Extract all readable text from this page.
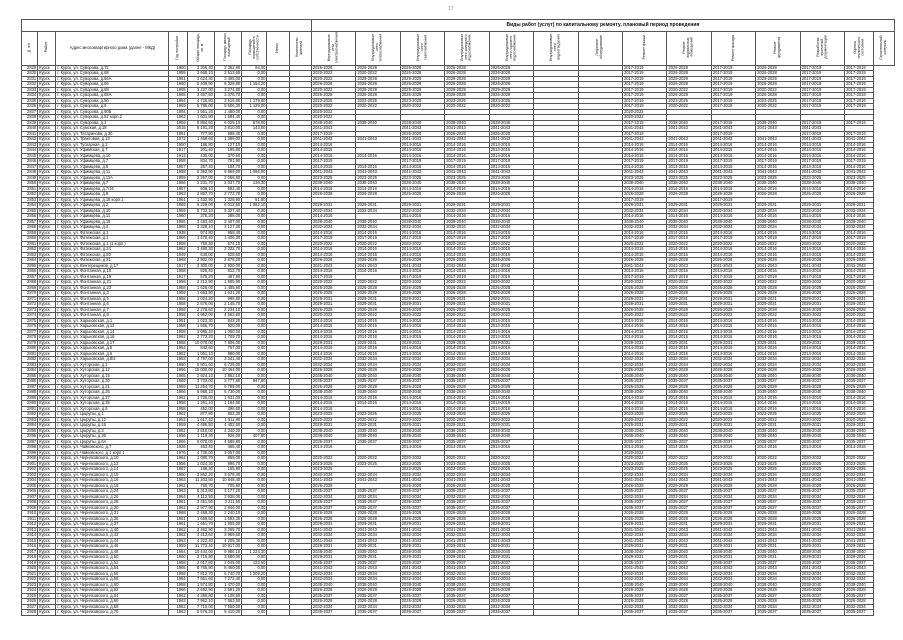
17
									Виды работ (услуг) по капитальному ремонту, плановый период проведения													
№ п/п	Район	Адрес многоквартирного дома (далее - МКД)	Год постройки	Общая площадь, кв. м	Площадь жилых помещений	Площадь помещений в собственности	Износ	Количество жителей	Внутридомовые сети электроснабжения	Внутридомовые сети теплоснабжения	Внутридомовые сети газоснабжения	Внутридомовые сети холодного водоснабжения	Внутридомовые сети горячего водоснабжения	Внутридомовые сети водоотведения	Лифтовое оборудование	Ремонт крыши	Ремонт подвальных помещений	Ремонт фасада	Ремонт фундамента	Разработка проектной документации	Оценка технического состояния	Строительный контроль
2829	Курск	г. Курск, ул. Суворова, д.72	1960	3 306,40	2 362,80	94,00			2026-2028	2026-2028	2026-2028	2026-2028	2026-2028			2017-2019	2026-2028	2017-2019	2026-2028	2017-2019	2017-2019	
2830	Курск	г. Курск, ул. Суворова, д.68	1955	3 668,10	3 513,60	0,00			2020-2022	2020-2022	2026-2028	2026-2028	2026-2028			2017-2019	2026-2028	2017-2019	2026-2028	2017-2019	2017-2019	
2831	Курск	г. Курск, ул. Суворова, д.66А	1961	3 624,30	3 495,00	0,00			2020-2022	2029-2029	2029-2029	2029-2029	2029-2029			2017-2019	2029-2029	2017-2019	2029-2029	2017-2019	2017-2019	
2832	Курск	г. Курск, ул. Суворова, д.66	1960	5 409,90	5 328,80	1 154,20			2026-2028	2026-2028	2026-2028	2026-2028	2026-2028			2017-2019	2026-2028	2017-2019	2026-2028	2017-2019	2017-2019	
2833	Курск	г. Курск, ул. Суворова, д.68	1965	3 427,00	3 274,80	0,00			2020-2022	2029-2029	2029-2029	2029-2029	2029-2029			2017-2019	2020-2022	2017-2019	2020-2022	2017-2019	2017-2019	
2834	Курск	г. Курск, ул. Суворова, д.68А	1965	3 457,50	3 376,70	0,00			2026-2028	2026-2028	2026-2028	2026-2028	2026-2028			2017-2019	2026-2028	2017-2019	2026-2028	2017-2019	2017-2019	
2835	Курск	г. Курск, ул. Суворова, д.50	1964	4 726,80	3 516,80	1 179,80			2023-2025	2023-2025	2023-2025	2023-2025	2023-2025			2017-2019	2023-2025	2017-2019	2023-2025	2017-2019	2017-2019	
2836	Курск	г. Курск, ул. Суворова, д.9	1969	5 785,00	5 506,30	1 129,00			2020-2022	2020-2022	2020-2022	2020-2022	2020-2022			2017-2019	2020-2022	2017-2019	2020-2022	2017-2019	2017-2019	
2837	Курск	г. Курск, ул. Суворова, д.90Б	1964	1 561,20	1 480,00	0,00			2020-2022							2020-2022						
2838	Курск	г. Курск, ул. Суворова, д.52 корп.2	1963	1 601,80	1 584,40	0,00			2020-2022							2020-2022						
2839	Курск	г. Курск, ул. Суворова, д.2	1959	8 884,60	6 025,10	678,00			2038-2040	2038-2040	2038-2040	2038-2040	2038-2040			2017-2019	2038-2040	2017-2019	2038-2040	2017-2019	2017-2019	
2840	Курск	г. Курск, ул. Сумская, д.18	2015	6 191,20	3 810,00	143,00			2041-2043		2041-2043	2041-2043	2041-2043			2041-2043	2041-2043	2041-2043	2041-2043	2041-2043		
2841	Курск	г. Курск, ул. Татаринова, д.30	1961	777,90	698,40	0,00			2017-2019		2026-2028	2026-2028	2026-2028			2017-2019		2017-2019		2017-2019	2017-2019	
2842	Курск	г. Курск, ул. Трактовая, д.13	1972	1 468,60	1 389,00	0,00			2041-2043	2041-2043	2041-2043	2041-2043	2041-2043			2041-2043	2041-2043	2041-2043	2041-2043	2041-2043	2041-2043	
2843	Курск	г. Курск, ул. Тускарная, д.2	1950	186,80	127,10	0,00			2014-2016		2014-2016	2014-2016	2014-2016			2014-2016	2014-2016	2014-2016	2014-2016	2014-2016	2014-2016	
2844	Курск	г. Курск, ул. Уфимская, д.7	1917	201,40	185,80	0,00			2014-2016		2014-2016	2014-2016	2014-2016			2014-2016	2014-2016	2014-2016	2014-2016	2014-2016	2014-2016	
2845	Курск	г. Курск, ул. Уфимцева, д.10	1913	430,00	370,60	0,00			2014-2016	2014-2016	2014-2016	2014-2016	2014-2016			2014-2016	2014-2016	2014-2016	2014-2016	2014-2016	2014-2016	
2846	Курск	г. Курск, ул. Уфимцева, д.7	1958	834,70	791,90	0,00			2017-2019		2017-2019	2017-2019	2017-2019			2017-2019	2017-2019	2017-2019	2017-2019	2017-2019	2017-2019	
2847	Курск	г. Курск, ул. Уфимцева, д.8	1957	257,40	184,70	0,00			2014-2016	2014-2016	2014-2016	2014-2016	2014-2016			2014-2016	2014-2016	2014-2016	2014-2016	2014-2016	2014-2016	
2848	Курск	г. Курск, ул. Уфимцева, д.11	1958	6 362,90	5 869,00	1 066,00			2041-2043	2041-2043	2041-2043	2041-2043	2041-2043			2041-2043	2041-2043	2041-2043	2041-2043	2041-2043	2041-2043	
2849	Курск	г. Курск, ул. Уфимцева, д.11А	1959	2 267,00	2 066,80	0,00			2023-2025	2023-2025	2023-2025	2023-2025	2023-2025			2023-2025	2023-2025	2023-2025	2023-2025	2023-2025	2023-2025	
2850	Курск	г. Курск, ул. Уфимцева, д.7	1956	2 231,70	2 037,70	136,30			2038-2040	2038-2040	2038-2040	2038-2040	2038-2040			2038-2040	2038-2040	2038-2040	2038-2040	2038-2040	2038-2040	
2851	Курск	г. Курск, ул. Уфимцева, д.7/16	1957	608,10	592,40	0,00			2014-2016	2014-2016	2014-2016	2014-2016	2014-2016			2014-2016	2014-2016	2014-2016	2014-2016	2014-2016	2014-2016	
2852	Курск	г. Курск, ул. Уфимцева, д.9	1963	2 867,70	2 772,70	0,00			2026-2028	2026-2028	2026-2028	2026-2028	2026-2028			2026-2028	2026-2028	2026-2028	2026-2028	2026-2028	2026-2028	
2853	Курск	г. Курск, ул. Уфимцева, д.18 корп.1	1961	1 432,90	1 328,90	51,80										2017-2019		2017-2019				
2854	Курск	г. Курск, ул. Уфимцева, д.2	1969	6 229,00	6 012,60	1 062,10			2029-2031	2029-2031	2029-2031	2029-2031	2029-2031			2029-2031	2029-2031	2029-2031	2029-2031	2029-2031	2029-2031	
2855	Курск	г. Курск, ул. Уфимцева, д.10	1969	5 733,10	5 327,40	0,00			2032-2034	2032-2034	2032-2034	2032-2034	2032-2034			2032-2034	2032-2034	2032-2034	2032-2034	2032-2034	2032-2034	
2856	Курск	г. Курск, ул. Уфимцева, д.11	1960	375,20	288,00	0,00			2014-2016		2014-2016	2014-2016	2014-2016			2014-2016	2014-2016	2014-2016	2014-2016	2014-2016	2014-2016	
2857	Курск	г. Курск, ул. Уфимцева, д.18	1965	3 483,40	3 407,00	0,00			2038-2040	2038-2040	2038-2040	2038-2040	2038-2040			2038-2040	2038-2040	2038-2040	2038-2040	2038-2040	2038-2040	
2858	Курск	г. Курск, ул. Уфимцева, д.4	1968	3 328,10	3 127,30	0,00			2032-2034	2032-2034	2032-2034	2032-2034	2032-2034			2032-2034	2032-2034	2032-2034	2032-2034	2032-2034	2032-2034	
2859	Курск	г. Курск, ул. Фатежская, д.1	1938	974,80	958,40	0,00			2014-2016	2014-2016	2014-2016	2014-2016	2014-2016			2014-2016	2014-2016	2014-2016	2014-2016	2014-2016	2014-2016	
2860	Курск	г. Курск, ул. Фатежская, д.1	1966	1 470,40	1 406,30	0,00			2017-2019	2017-2019	2017-2019	2017-2019	2017-2019			2017-2019	2017-2019	2017-2019	2017-2019	2017-2019	2017-2019	
2861	Курск	г. Курск, ул. Фатежская, д.1 (1 корп.)	1958	750,30	674,10	0,00			2020-2022	2020-2022	2020-2022	2020-2022	2020-2022			2020-2022	2020-2022	2020-2022	2020-2022	2020-2022	2020-2022	
2862	Курск	г. Курск, ул. Фатежская, д.24	1962	3 480,30	3 332,70	0,00			2014-2016	2014-2016	2014-2016	2014-2016	2014-2016			2014-2016	2014-2016	2014-2016	2014-2016	2014-2016	2014-2016	
2863	Курск	г. Курск, ул. Фатежская, д.80	1949	640,00	528,60	0,00			2014-2016	2014-2016	2014-2016	2014-2016	2014-2016			2014-2016	2014-2016	2014-2016	2014-2016	2014-2016	2014-2016	
2864	Курск	г. Курск, ул. Фатежская, д.81	1968	2 902,00	2 878,20	0,00			2026-2028	2026-2028	2026-2028	2026-2028	2026-2028			2026-2028	2026-2028	2026-2028	2026-2028	2026-2028	2026-2028	
2865	Курск	г. Курск, ул. Вентерещиков, д.17	1917	3 300,00	2 920,00	0,00			2041-2043	2041-2043	2041-2043	2041-2043	2041-2043			2041-2043	2041-2043	2041-2043	2041-2043	2041-2043	2041-2043	
2866	Курск	г. Курск, ул. Фонтанная, д.10	1958	828,40	812,70	0,00			2014-2016	2014-2016	2014-2016	2014-2016	2014-2016			2014-2016	2014-2016	2014-2016	2014-2016	2014-2016	2014-2016	
2867	Курск	г. Курск, ул. Фонтанная, д.19	1917	575,20	487,80	0,00			2017-2019		2017-2019	2017-2019	2017-2019			2017-2019	2017-2019	2017-2019	2017-2019	2017-2019	2017-2019	
2868	Курск	г. Курск, ул. Фонтанная, д.21	1958	2 212,90	1 505,90	0,00			2020-2022	2020-2022	2020-2022	2020-2022	2020-2022			2020-2022	2020-2022	2020-2022	2020-2022	2020-2022	2020-2022	
2869	Курск	г. Курск, ул. Фонтанная, д.23	1958	1 628,00	1 485,90	0,00			2026-2028	2026-2028	2026-2028	2026-2028	2026-2028			2026-2028	2026-2028	2026-2028	2026-2028	2026-2028	2026-2028	
2870	Курск	г. Курск, ул. Фонтанная, д.3	1959	1 663,90	1 631,20	0,00			2026-2028	2026-2028	2026-2028	2026-2028	2026-2028			2026-2028	2026-2028	2026-2028	2026-2028	2026-2028	2026-2028	
2871	Курск	г. Курск, ул. Фонтанная, д.5	1958	1 024,30	996,80	0,00			2029-2031	2029-2031	2029-2031	2029-2031	2029-2031			2029-2031	2029-2031	2029-2031	2029-2031	2029-2031	2029-2031	
2872	Курск	г. Курск, ул. Фонтанная, д.6	1958	2 576,00	2 145,70	0,00			2029-2031	2029-2031	2029-2031	2029-2031	2029-2031			2029-2031	2029-2031	2029-2031	2029-2031	2029-2031	2029-2031	
2873	Курск	г. Курск, ул. Фонтанная, д.7	1958	2 278,60	2 234,10	0,00			2026-2028	2026-2028	2026-2028	2026-2028	2026-2028			2026-2028	2026-2028	2026-2028	2026-2028	2026-2028	2026-2028	
2874	Курск	г. Курск, ул. Фонтанная, д.8	1958	4 962,00	4 562,60	0,00			2020-2022	2020-2022	2020-2022	2020-2022	2020-2022			2020-2022	2020-2022	2020-2022	2020-2022	2020-2022	2020-2022	
2875	Курск	г. Курск, ул. Харьковская, д.1	1951	1 023,30	843,20	0,00			2014-2016	2014-2016	2014-2016	2014-2016	2014-2016			2014-2016	2014-2016	2014-2016	2014-2016	2014-2016	2014-2016	
2876	Курск	г. Курск, ул. Харьковская, д.12	1958	1 665,70	920,00	0,00			2014-2016	2014-2016	2014-2016	2014-2016	2014-2016			2014-2016	2014-2016	2014-2016	2014-2016	2014-2016	2014-2016	
2877	Курск	г. Курск, ул. Харьковская, д.14	1958	1 085,40	1 060,00	0,00			2014-2016	2014-2016	2014-2016	2014-2016	2014-2016			2014-2016	2014-2016	2014-2016	2014-2016	2014-2016	2014-2016	
2878	Курск	г. Курск, ул. Харьковская, д.16	1962	2 773,20	1 709,70	0,00			2014-2016	2014-2016	2014-2016	2014-2016	2014-2016			2014-2016	2014-2016	2014-2016	2014-2016	2014-2016	2014-2016	
2879	Курск	г. Курск, ул. Харьковская, д.17	1958	10 078,00	7 806,00	0,00			2029-2031	2029-2031	2029-2031	2029-2031	2029-2031			2029-2031	2029-2031	2029-2031	2029-2031	2029-2031	2029-2031	
2880	Курск	г. Курск, ул. Харьковская, д.5	1954	842,60	757,00	0,00			2014-2016	2014-2016	2014-2016	2014-2016	2014-2016			2014-2016	2014-2016	2014-2016	2014-2016	2014-2016	2014-2016	
2881	Курск	г. Курск, ул. Харьковская, д.6	1952	1 061,10	880,00	0,00			2014-2016	2014-2016	2014-2016	2014-2016	2014-2016			2014-2016	2014-2016	2014-2016	2014-2016	2014-2016	2014-2016	
2882	Курск	г. Курск, ул. Харьковская, д.8/2	1953	4 797,00	3 341,40	0,00			2032-2034	2032-2034	2032-2034	2032-2034	2032-2034			2032-2034	2032-2034	2032-2034	2032-2034	2032-2034	2032-2034	
2883	Курск	г. Курск, ул. Хуторская, д.1	1960	6 801,60	6 725,00	0,00			2032-2034	2032-2034	2032-2034	2032-2034	2032-2034			2032-2034	2032-2034	2032-2034	2032-2034	2032-2034	2032-2034	
2884	Курск	г. Курск, ул. Хуторская, д.12	1966	15 000,00	10 464,00	0,00			2026-2028	2026-2028	2026-2028	2026-2028	2026-2028			2026-2028	2026-2028	2026-2028	2026-2028	2026-2028	2026-2028	
2885	Курск	г. Курск, ул. Хуторская, д.15	1965	2 924,10	1 852,10	0,00			2038-2040	2038-2040	2038-2040	2038-2040	2038-2040			2038-2040	2038-2040	2038-2040	2038-2040	2038-2040	2038-2040	
2886	Курск	г. Курск, ул. Хуторская, д.20	1969	3 733,00	3 777,80	947,80			2035-2037	2035-2037	2035-2037	2035-2037	2035-2037			2035-2037	2035-2037	2035-2037	2035-2037	2035-2037	2035-2037	
2887	Курск	г. Курск, ул. Хуторская, д.21	1969	11 254,70	9 799,00	0,00			2026-2028	2026-2028	2026-2028	2026-2028	2026-2028			2026-2028	2026-2028	2026-2028	2026-2028	2026-2028	2026-2028	
2888	Курск	г. Курск, ул. Хуторская, д.26	1966	6 980,10	6 730,00	0,00			2038-2040	2038-2040	2038-2040	2038-2040	2038-2040			2038-2040	2038-2040	2038-2040	2038-2040	2038-2040	2038-2040	
2889	Курск	г. Курск, ул. Хуторская, д.27	1962	1 726,00	1 631,00	0,00			2014-2016	2014-2016	2014-2016	2014-2016	2014-2016			2014-2016	2014-2016	2014-2016	2014-2016	2014-2016	2014-2016	
2890	Курск	г. Курск, ул. Хуторская, д.35	1958	1 261,10	1 184,80	0,00			2014-2016	2014-2016	2014-2016	2014-2016	2014-2016			2014-2016	2014-2016	2014-2016	2014-2016	2014-2016	2014-2016	
2891	Курск	г. Курск, ул. Хуторская, д.6	1958	452,00	396,60	0,00			2014-2016		2014-2016	2014-2016	2014-2016			2014-2016	2014-2016	2014-2016	2014-2016	2014-2016	2014-2016	
2892	Курск	г. Курск, ул. Цюрупы, д.1	1962	877,80	852,30	0,00			2023-2025	2023-2025	2023-2025	2023-2025	2023-2025			2023-2025	2023-2025	2023-2025	2023-2025	2023-2025	2023-2025	
2893	Курск	г. Курск, ул. Цюрупы, д.12	1953	1 617,40	1 511,80	0,00			2020-2022	2020-2022	2020-2022	2020-2022	2020-2022			2020-2022	2020-2022	2020-2022	2020-2022	2020-2022	2020-2022	
2894	Курск	г. Курск, ул. Цюрупы, д.16	1959	4 496,50	4 402,60	0,00			2029-2031	2029-2031	2029-2031	2029-2031	2029-2031			2029-2031	2029-2031	2029-2031	2029-2031	2029-2031	2029-2031	
2895	Курск	г. Курск, ул. Цюрупы, д.3	1962	3 810,00	4 340,20	0,00			2038-2040	2038-2040	2038-2040	2038-2040	2038-2040			2038-2040	2038-2040	2038-2040	2038-2040	2038-2040	2038-2040	
2896	Курск	г. Курск, ул. Цюрупы, д.36	1956	1 119,30	926,00	407,80			2038-2040	2038-2040	2038-2040	2038-2040	2038-2040			2038-2040	2038-2040	2038-2040	2038-2040	2038-2040	2038-2040	
2897	Курск	г. Курск, ул. Цюрупы, д.6А	1966	5 070,00	4 689,80	0,00			2035-2037	2035-2037	2035-2037	2035-2037	2035-2037			2035-2037	2035-2037	2035-2037	2035-2037	2035-2037	2035-2037	
2898	Курск	г. Курск, ул. Чайковского, д.7	1926	463,40	465,40	0,00			2014-2016		2014-2016	2014-2016	2014-2016			2014-2016	2014-2016	2014-2016	2014-2016	2014-2016	2014-2016	
2899	Курск	г. Курск, ул. Чайковского, д.1 корп.1	1976	4 730,00	3 057,00	0,00										2020-2022						
2900	Курск	г. Курск, ул. Черняховского, д.10	1964	1 080,70	859,00	0,00			2020-2022	2020-2022	2020-2022	2020-2022	2020-2022			2020-2022	2020-2022	2020-2022	2020-2022	2020-2022	2020-2022	
2901	Курск	г. Курск, ул. Черняховского, д.12	1956	1 024,30	996,70	0,00			2023-2025	2023-2025	2023-2025	2023-2025	2023-2025			2023-2025	2023-2025	2023-2025	2023-2025	2023-2025	2023-2025	
2902	Курск	г. Курск, ул. Черняховского, д.14	1967	188,30	165,90	0,00			2023-2025		2023-2025	2023-2025	2023-2025			2023-2025	2023-2025	2023-2025	2023-2025	2023-2025	2023-2025	
2903	Курск	г. Курск, ул. Черняховского, д.15	1960	3 862,20	3 678,40	0,00			2032-2034	2032-2034	2032-2034	2032-2034	2032-2034			2032-2034	2032-2034	2032-2034	2032-2034	2032-2034	2032-2034	
2904	Курск	г. Курск, ул. Черняховского, д.16	1963	11 203,50	10 848,40	0,00			2041-2043	2041-2043	2041-2043	2041-2043	2041-2043			2041-2043	2041-2043	2041-2043	2041-2043	2041-2043	2041-2043	
2905	Курск	г. Курск, ул. Черняховского, д.18	1962	760,70	705,90	0,00			2026-2028		2026-2028	2026-2028	2026-2028			2026-2028	2026-2028	2026-2028	2026-2028	2026-2028	2026-2028	
2906	Курск	г. Курск, ул. Черняховского, д.24	1963	5 313,80	3 177,20	0,00			2035-2037	2035-2037	2035-2037	2035-2037	2035-2037			2035-2037	2035-2037	2035-2037	2035-2037	2035-2037	2035-2037	
2907	Курск	г. Курск, ул. Черняховского, д.26	1964	4 112,50	3 938,00	0,00			2032-2034	2032-2034	2032-2034	2032-2034	2032-2034			2032-2034	2032-2034	2032-2034	2032-2034	2032-2034	2032-2034	
2908	Курск	г. Курск, ул. Черняховского, д.28	1961	3 451,50	3 211,50	0,00			2035-2037	2035-2037	2035-2037	2035-2037	2035-2037			2035-2037	2035-2037	2035-2037	2035-2037	2035-2037	2035-2037	
2909	Курск	г. Курск, ул. Черняховского, д.30	1962	2 977,90	2 846,00	0,00			2035-2037	2035-2037	2035-2037	2035-2037	2035-2037			2035-2037	2035-2037	2035-2037	2035-2037	2035-2037	2035-2037	
2910	Курск	г. Курск, ул. Черняховского, д.31	1968	2 468,30	2 240,10	0,00			2026-2028	2026-2028	2026-2028	2026-2028	2026-2028			2026-2028	2026-2028	2026-2028	2026-2028	2026-2028	2026-2028	
2911	Курск	г. Курск, ул. Черняховского, д.36	1961	1 669,50	1 593,30	0,00			2026-2028	2026-2028	2026-2028	2026-2028	2026-2028			2026-2028	2026-2028	2026-2028	2026-2028	2026-2028	2026-2028	
2912	Курск	г. Курск, ул. Черняховского, д.37	1961	1 651,70	1 505,00	0,00			2029-2031	2029-2031	2029-2031	2029-2031	2029-2031			2029-2031	2029-2031	2029-2031	2029-2031	2029-2031	2029-2031	
2913	Курск	г. Курск, ул. Черняховского, д.40	1962	3 462,90	3 265,70	0,00			2041-2043	2041-2043	2041-2043	2041-2043	2041-2043			2041-2043	2041-2043	2041-2043	2041-2043	2041-2043	2041-2043	
2914	Курск	г. Курск, ул. Черняховского, д.42	1962	4 413,60	3 959,60	0,00			2032-2034	2032-2034	2032-2034	2032-2034	2032-2034			2032-2034	2032-2034	2032-2034	2032-2034	2032-2034	2032-2034	
2915	Курск	г. Курск, ул. Черняховского, д.44	1963	4 322,40	4 205,30	0,00			2041-2043	2041-2043	2041-2043	2041-2043	2041-2043			2041-2043	2041-2043	2041-2043	2041-2043	2041-2043	2041-2043	
2916	Курск	г. Курск, ул. Черняховского, д.46	1959	11 773,40	10 917,00	0,00			2029-2031	2029-2031	2029-2031	2029-2031	2029-2031			2029-2031	2029-2031	2029-2031	2029-2031	2029-2031	2029-2031	
2917	Курск	г. Курск, ул. Черняховского, д.48	1964	10 444,00	9 986,10	1 224,30			2038-2040	2038-2040	2038-2040	2038-2040	2038-2040			2038-2040	2038-2040	2038-2040	2038-2040	2038-2040	2038-2040	
2918	Курск	г. Курск, ул. Черняховского, д.50	1960	3 715,80	3 580,00	0,00			2029-2031	2029-2031	2029-2031	2029-2031	2029-2031			2029-2031	2029-2031	2029-2031	2029-2031	2029-2031	2029-2031	
2919	Курск	г. Курск, ул. Черняховского, д.52	1958	2 017,80	2 045,00	123,50			2035-2037	2035-2037	2035-2037	2035-2037	2035-2037			2035-2037	2035-2037	2035-2037	2035-2037	2035-2037	2035-2037	
2920	Курск	г. Курск, ул. Черняховского, д.54	1965	8 765,90	8 460,00	0,00			2041-2043	2041-2043	2041-2043	2041-2043	2041-2043			2041-2043	2041-2043	2041-2043	2041-2043	2041-2043	2041-2043	
2921	Курск	г. Курск, ул. Черняховского, д.56	1958	7 812,70	6 740,70	1 209,20			2032-2034	2032-2034	2032-2034	2032-2034	2032-2034			2032-2034	2032-2034	2032-2034	2032-2034	2032-2034	2032-2034	
2922	Курск	г. Курск, ул. Черняховского, д.58	1964	7 551,60	7 272,40	0,00			2032-2034	2032-2034	2032-2034	2032-2034	2032-2034			2032-2034	2032-2034	2032-2034	2032-2034	2032-2034	2032-2034	
2923	Курск	г. Курск, ул. Черняховского, д.60	1958	1 574,80	1 470,00	0,00			2038-2040	2038-2040	2038-2040	2038-2040	2038-2040			2038-2040	2038-2040	2038-2040	2038-2040	2038-2040	2038-2040	
2924	Курск	г. Курск, ул. Черняховского, д.62	1966	2 692,90	2 591,20	0,00			2026-2028	2026-2028	2026-2028	2026-2028	2026-2028			2026-2028	2026-2028	2026-2028	2026-2028	2026-2028	2026-2028	
2925	Курск	г. Курск, ул. Черняховского, д.64	1962	4 350,80	4 108,60	0,00			2035-2037	2035-2037	2035-2037	2035-2037	2035-2037			2035-2037	2035-2037	2035-2037	2035-2037	2035-2037	2035-2037	
2926	Курск	г. Курск, ул. Черняховского, д.66	1963	7 962,10	7 563,50	0,00			2026-2028	2026-2028	2026-2028	2026-2028	2026-2028			2026-2028	2026-2028	2026-2028	2026-2028	2026-2028	2026-2028	
2927	Курск	г. Курск, ул. Черняховского, д.68	1962	7 710,00	7 550,00	0,00			2032-2034	2032-2034	2032-2034	2032-2034	2032-2034			2032-2034	2032-2034	2032-2034	2032-2034	2032-2034	2032-2034	
2928	Курск	г. Курск, ул. Черняховского, д.70	1963	5 576,20	5 410,00	0,00			2035-2037	2035-2037	2035-2037	2035-2037	2035-2037			2035-2037	2035-2037	2035-2037	2035-2037	2035-2037	2035-2037	
